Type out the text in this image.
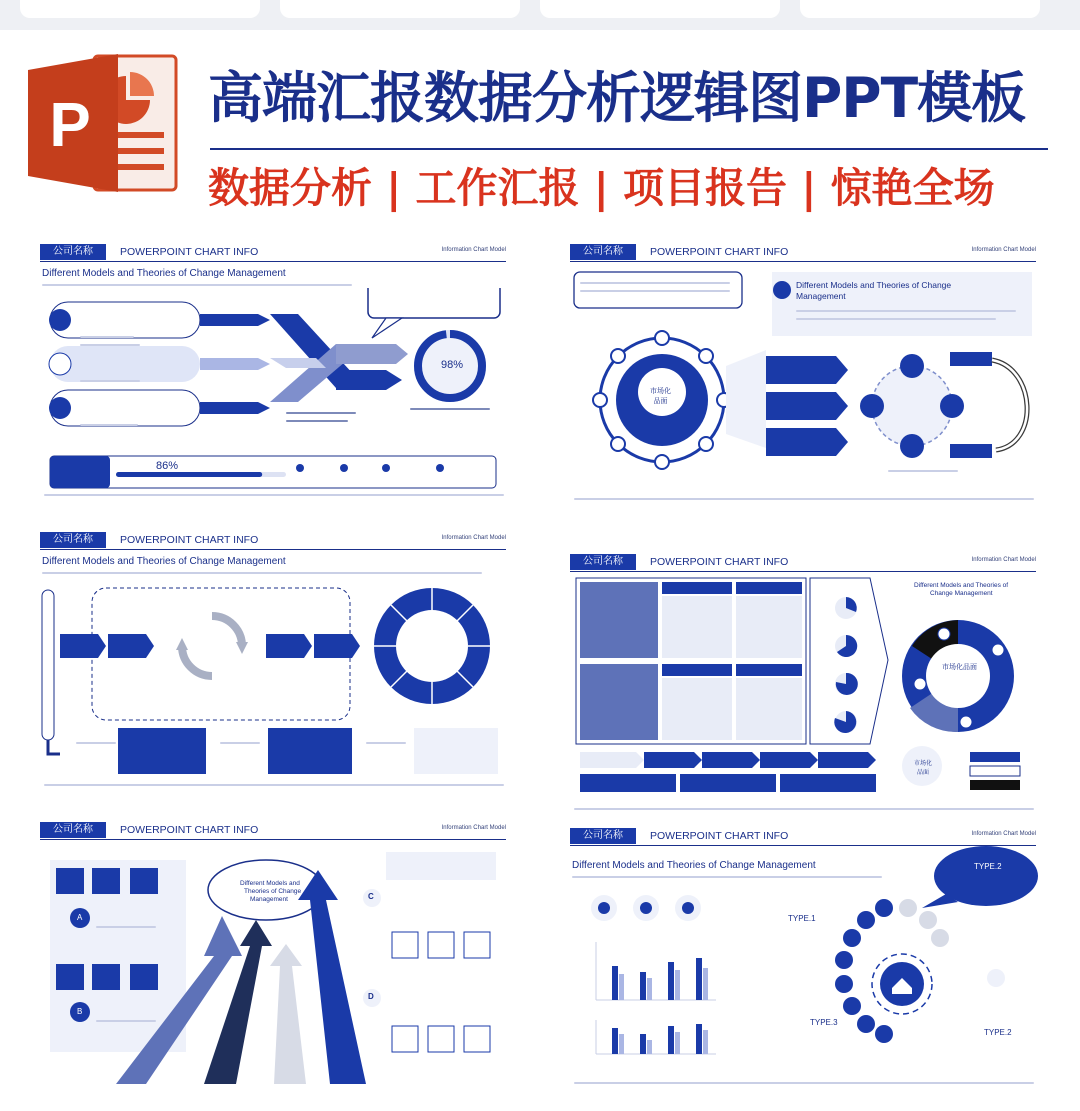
P 高端汇报数据分析逻辑图PPT模板
数据分析 | 工作汇报 | 项目报告 | 惊艳全场
公司名称	POWERPOINT CHART INFO	Information Chart Model
Different Models and Theories of Change Management
98%
86%
公司名称	POWERPOINT CHART INFO	Information Chart Model
Different Models and Theories of Change
Management
市场化
品面
公司名称	POWERPOINT CHART INFO	Information Chart Model
Different Models and Theories of Change Management	公司名称	POWERPOINT CHART INFO	Information Chart Model
Different Models and Theories of
Change Management
市场化品面
市场化
品面
公司名称	POWERPOINT CHART INFO	Information Chart Model
A
B
C
D
Different Models and
Theories of Change
Management
公司名称	POWERPOINT CHART INFO	Information Chart Model
Different Models and Theories of Change Management	TYPE.2
TYPE.1
TYPE.3
TYPE.2
